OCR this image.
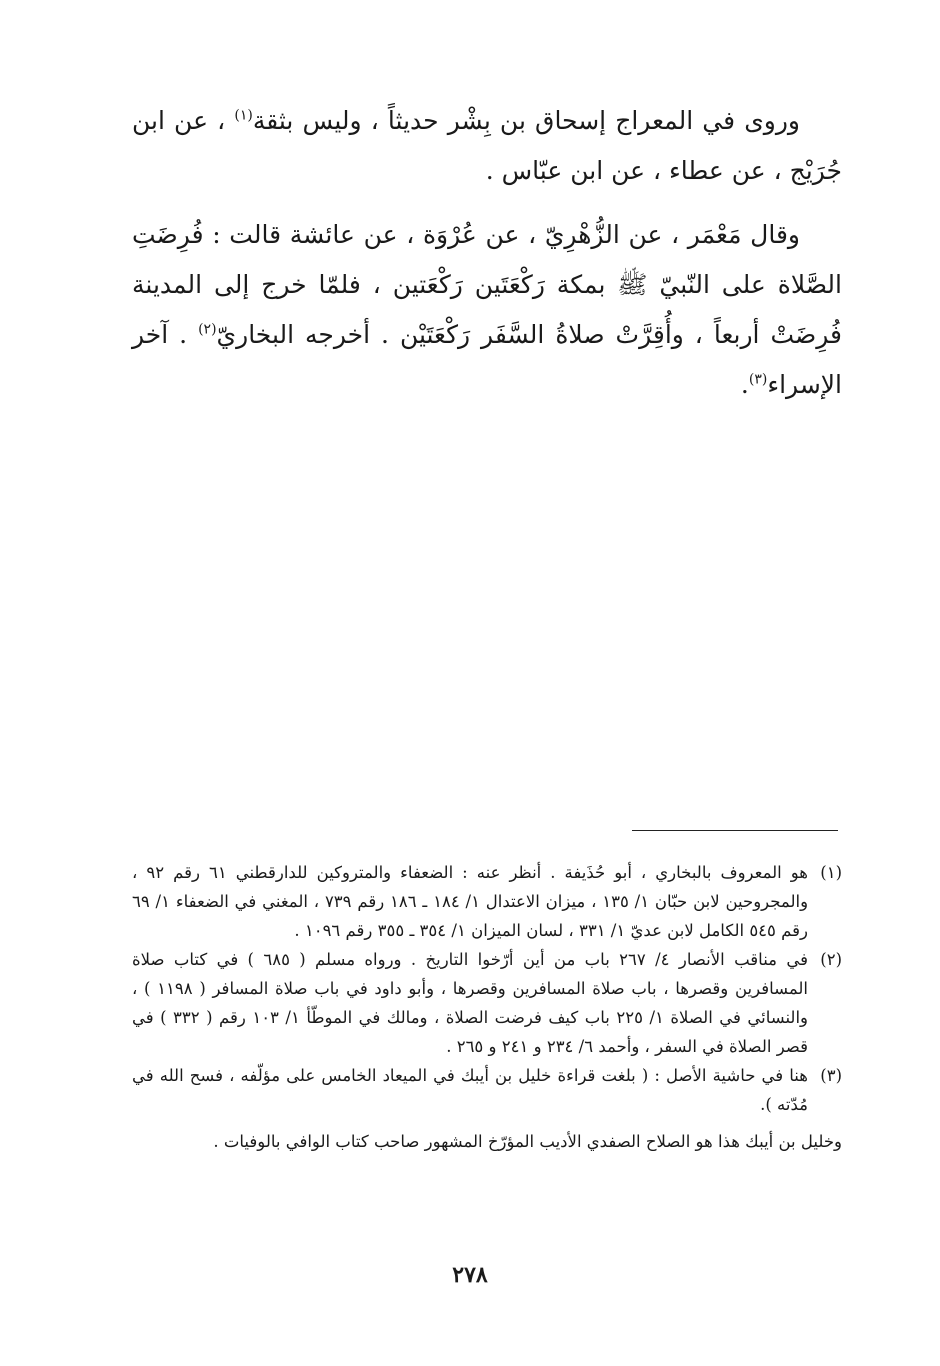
وروى في المعراج إسحاق بن بِشْر حديثاً ، وليس بثقة$^{(١)}$ ، عن ابن جُرَيْج ، عن عطاء ، عن ابن عبّاس .

وقال مَعْمَر ، عن الزُّهْرِيّ ، عن عُرْوَة ، عن عائشة قالت : فُرِضَتِ الصَّلاة على النّبيّ ﷺ بمكة رَكْعَتَين رَكْعَتين ، فلمّا خرج إلى المدينة فُرِضَتْ أربعاً ، وأُقِرَّتْ صلاةُ السَّفَر رَكْعَتَيْن . أخرجه البخاريّ$^{(٢)}$ . آخر الإسراء$^{(٣)}$.

(١)
هو المعروف بالبخاري ، أبو حُذَيفة . أنظر عنه : الضعفاء والمتروكين للدارقطني ٦١ رقم ٩٢ ، والمجروحين لابن حبّان ١/ ١٣٥ ، ميزان الاعتدال ١/ ١٨٤ ـ ١٨٦ رقم ٧٣٩ ، المغني في الضعفاء ١/ ٦٩ رقم ٥٤٥ الكامل لابن عديّ ١/ ٣٣١ ، لسان الميزان ١/ ٣٥٤ ـ ٣٥٥ رقم ١٠٩٦ .

(٢)
في مناقب الأنصار ٤/ ٢٦٧ باب من أين أرّخوا التاريخ . ورواه مسلم ( ٦٨٥ ) في كتاب صلاة المسافرين وقصرها ، باب صلاة المسافرين وقصرها ، وأبو داود في باب صلاة المسافر ( ١١٩٨ ) ، والنسائي في الصلاة ١/ ٢٢٥ باب كيف فرضت الصلاة ، ومالك في الموطّأ ١/ ١٠٣ رقم ( ٣٣٢ ) في قصر الصلاة في السفر ، وأحمد ٦/ ٢٣٤ و ٢٤١ و ٢٦٥ .

(٣)
هنا في حاشية الأصل : ( بلغت قراءة خليل بن أيبك في الميعاد الخامس على مؤلّفه ، فسح الله في مُدّته ).

وخليل بن أيبك هذا هو الصلاح الصفدي الأديب المؤرّخ المشهور صاحب كتاب الوافي بالوفيات .

٢٧٨
